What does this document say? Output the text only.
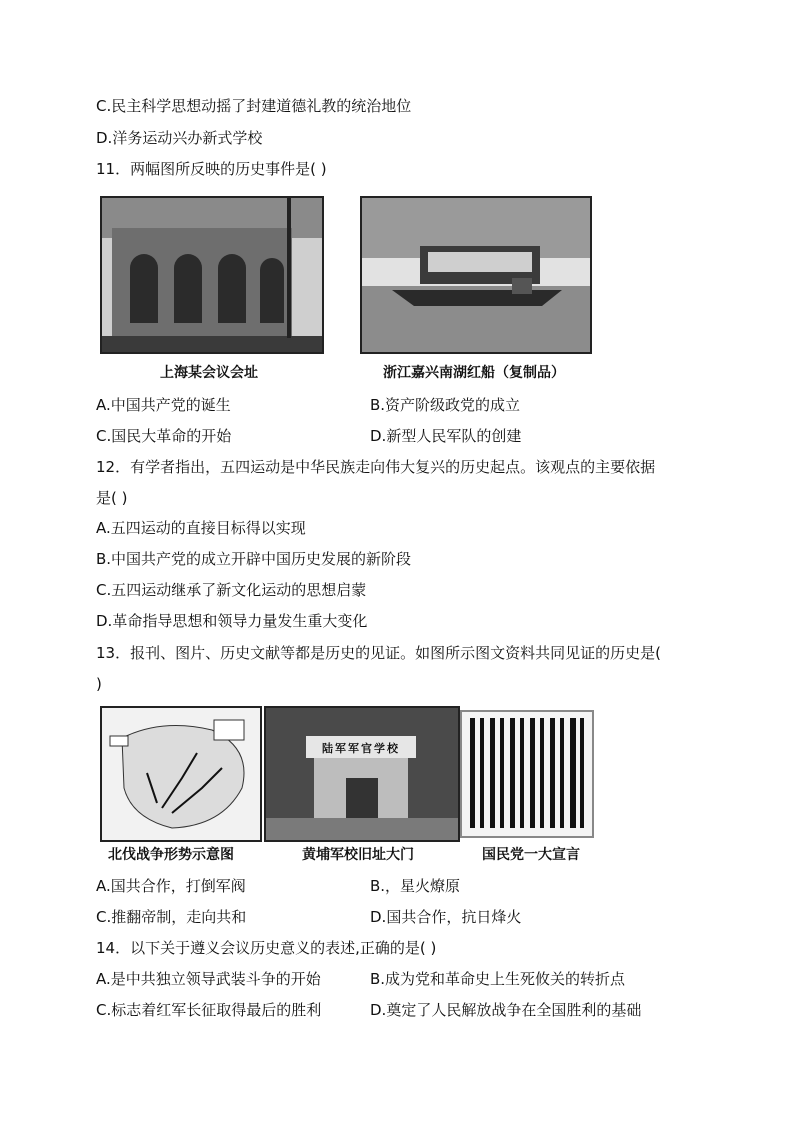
C.民主科学思想动摇了封建道德礼教的统治地位
D.洋务运动兴办新式学校
11．两幅图所反映的历史事件是( )
上海某会议会址	浙江嘉兴南湖红船（复制品）
A.中国共产党的诞生	B.资产阶级政党的成立
C.国民大革命的开始	D.新型人民军队的创建
12．有学者指出，五四运动是中华民族走向伟大复兴的历史起点。该观点的主要依据
是( )
A.五四运动的直接目标得以实现
B.中国共产党的成立开辟中国历史发展的新阶段
C.五四运动继承了新文化运动的思想启蒙
D.革命指导思想和领导力量发生重大变化
13．报刊、图片、历史文献等都是历史的见证。如图所示图文资料共同见证的历史是(
)
陆军军官学校
北伐战争形势示意图	黄埔军校旧址大门	国民党一大宣言
A.国共合作，打倒军阀	B.，星火燎原
C.推翻帝制，走向共和	D.国共合作，抗日烽火
14．以下关于遵义会议历史意义的表述,正确的是( )
A.是中共独立领导武装斗争的开始	B.成为党和革命史上生死攸关的转折点
C.标志着红军长征取得最后的胜利	D.奠定了人民解放战争在全国胜利的基础
